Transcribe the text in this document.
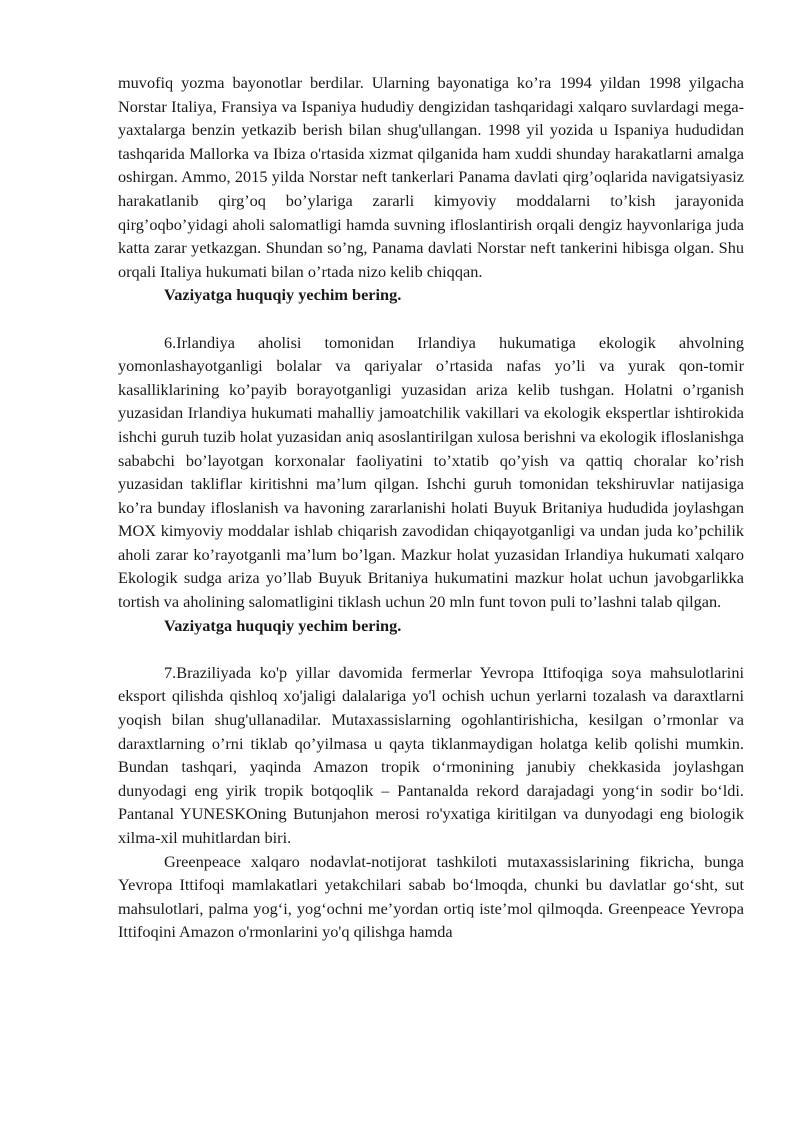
muvofiq yozma bayonotlar berdilar. Ularning bayonatiga ko’ra 1994 yildan 1998 yilgacha Norstar Italiya, Fransiya va Ispaniya hududiy dengizidan tashqaridagi xalqaro suvlardagi mega-yaxtalarga benzin yetkazib berish bilan shug'ullangan. 1998 yil yozida u Ispaniya hududidan tashqarida Mallorka va Ibiza o'rtasida xizmat qilganida ham xuddi shunday harakatlarni amalga oshirgan. Ammo, 2015 yilda Norstar neft tankerlari Panama davlati qirg’oqlarida navigatsiyasiz harakatlanib qirg’oq bo’ylariga zararli kimyoviy moddalarni to’kish jarayonida qirg’oqbo’yidagi aholi salomatligi hamda suvning ifloslantirish orqali dengiz hayvonlariga juda katta zarar yetkazgan. Shundan so’ng, Panama davlati Norstar neft tankerini hibisga olgan. Shu orqali Italiya hukumati bilan o’rtada nizo kelib chiqqan.

Vaziyatga huquqiy yechim bering.

6.Irlandiya aholisi tomonidan Irlandiya hukumatiga ekologik ahvolning yomonlashayotganligi bolalar va qariyalar o’rtasida nafas yo’li va yurak qon-tomir kasalliklarining ko’payib borayotganligi yuzasidan ariza kelib tushgan. Holatni o’rganish yuzasidan Irlandiya hukumati mahalliy jamoatchilik vakillari va ekologik ekspertlar ishtirokida ishchi guruh tuzib holat yuzasidan aniq asoslantirilgan xulosa berishni va ekologik ifloslanishga sababchi bo’layotgan korxonalar faoliyatini to’xtatib qo’yish va qattiq choralar ko’rish yuzasidan takliflar kiritishni ma’lum qilgan. Ishchi guruh tomonidan tekshiruvlar natijasiga ko’ra bunday ifloslanish va havoning zararlanishi holati Buyuk Britaniya hududida joylashgan MOX kimyoviy moddalar ishlab chiqarish zavodidan chiqayotganligi va undan juda ko’pchilik aholi zarar ko’rayotganli ma’lum bo’lgan. Mazkur holat yuzasidan Irlandiya hukumati xalqaro Ekologik sudga ariza yo’llab Buyuk Britaniya hukumatini mazkur holat uchun javobgarlikka tortish va aholining salomatligini tiklash uchun 20 mln funt tovon puli to’lashni talab qilgan.

Vaziyatga huquqiy yechim bering.

7.Braziliyada ko'p yillar davomida fermerlar Yevropa Ittifoqiga soya mahsulotlarini eksport qilishda qishloq xo'jaligi dalalariga yo'l ochish uchun yerlarni tozalash va daraxtlarni yoqish bilan shug'ullanadilar. Mutaxassislarning ogohlantirishicha, kesilgan o’rmonlar va daraxtlarning o’rni tiklab qo’yilmasa u qayta tiklanmaydigan holatga kelib qolishi mumkin. Bundan tashqari, yaqinda Amazon tropik o‘rmonining janubiy chekkasida joylashgan dunyodagi eng yirik tropik botqoqlik – Pantanalda rekord darajadagi yong‘in sodir bo‘ldi. Pantanal YUNESKOning Butunjahon merosi ro'yxatiga kiritilgan va dunyodagi eng biologik xilma-xil muhitlardan biri.

Greenpeace xalqaro nodavlat-notijorat tashkiloti mutaxassislarining fikricha, bunga Yevropa Ittifoqi mamlakatlari yetakchilari sabab bo‘lmoqda, chunki bu davlatlar go‘sht, sut mahsulotlari, palma yog‘i, yog‘ochni me’yordan ortiq iste’mol qilmoqda. Greenpeace Yevropa Ittifoqini Amazon o'rmonlarini yo'q qilishga hamda
